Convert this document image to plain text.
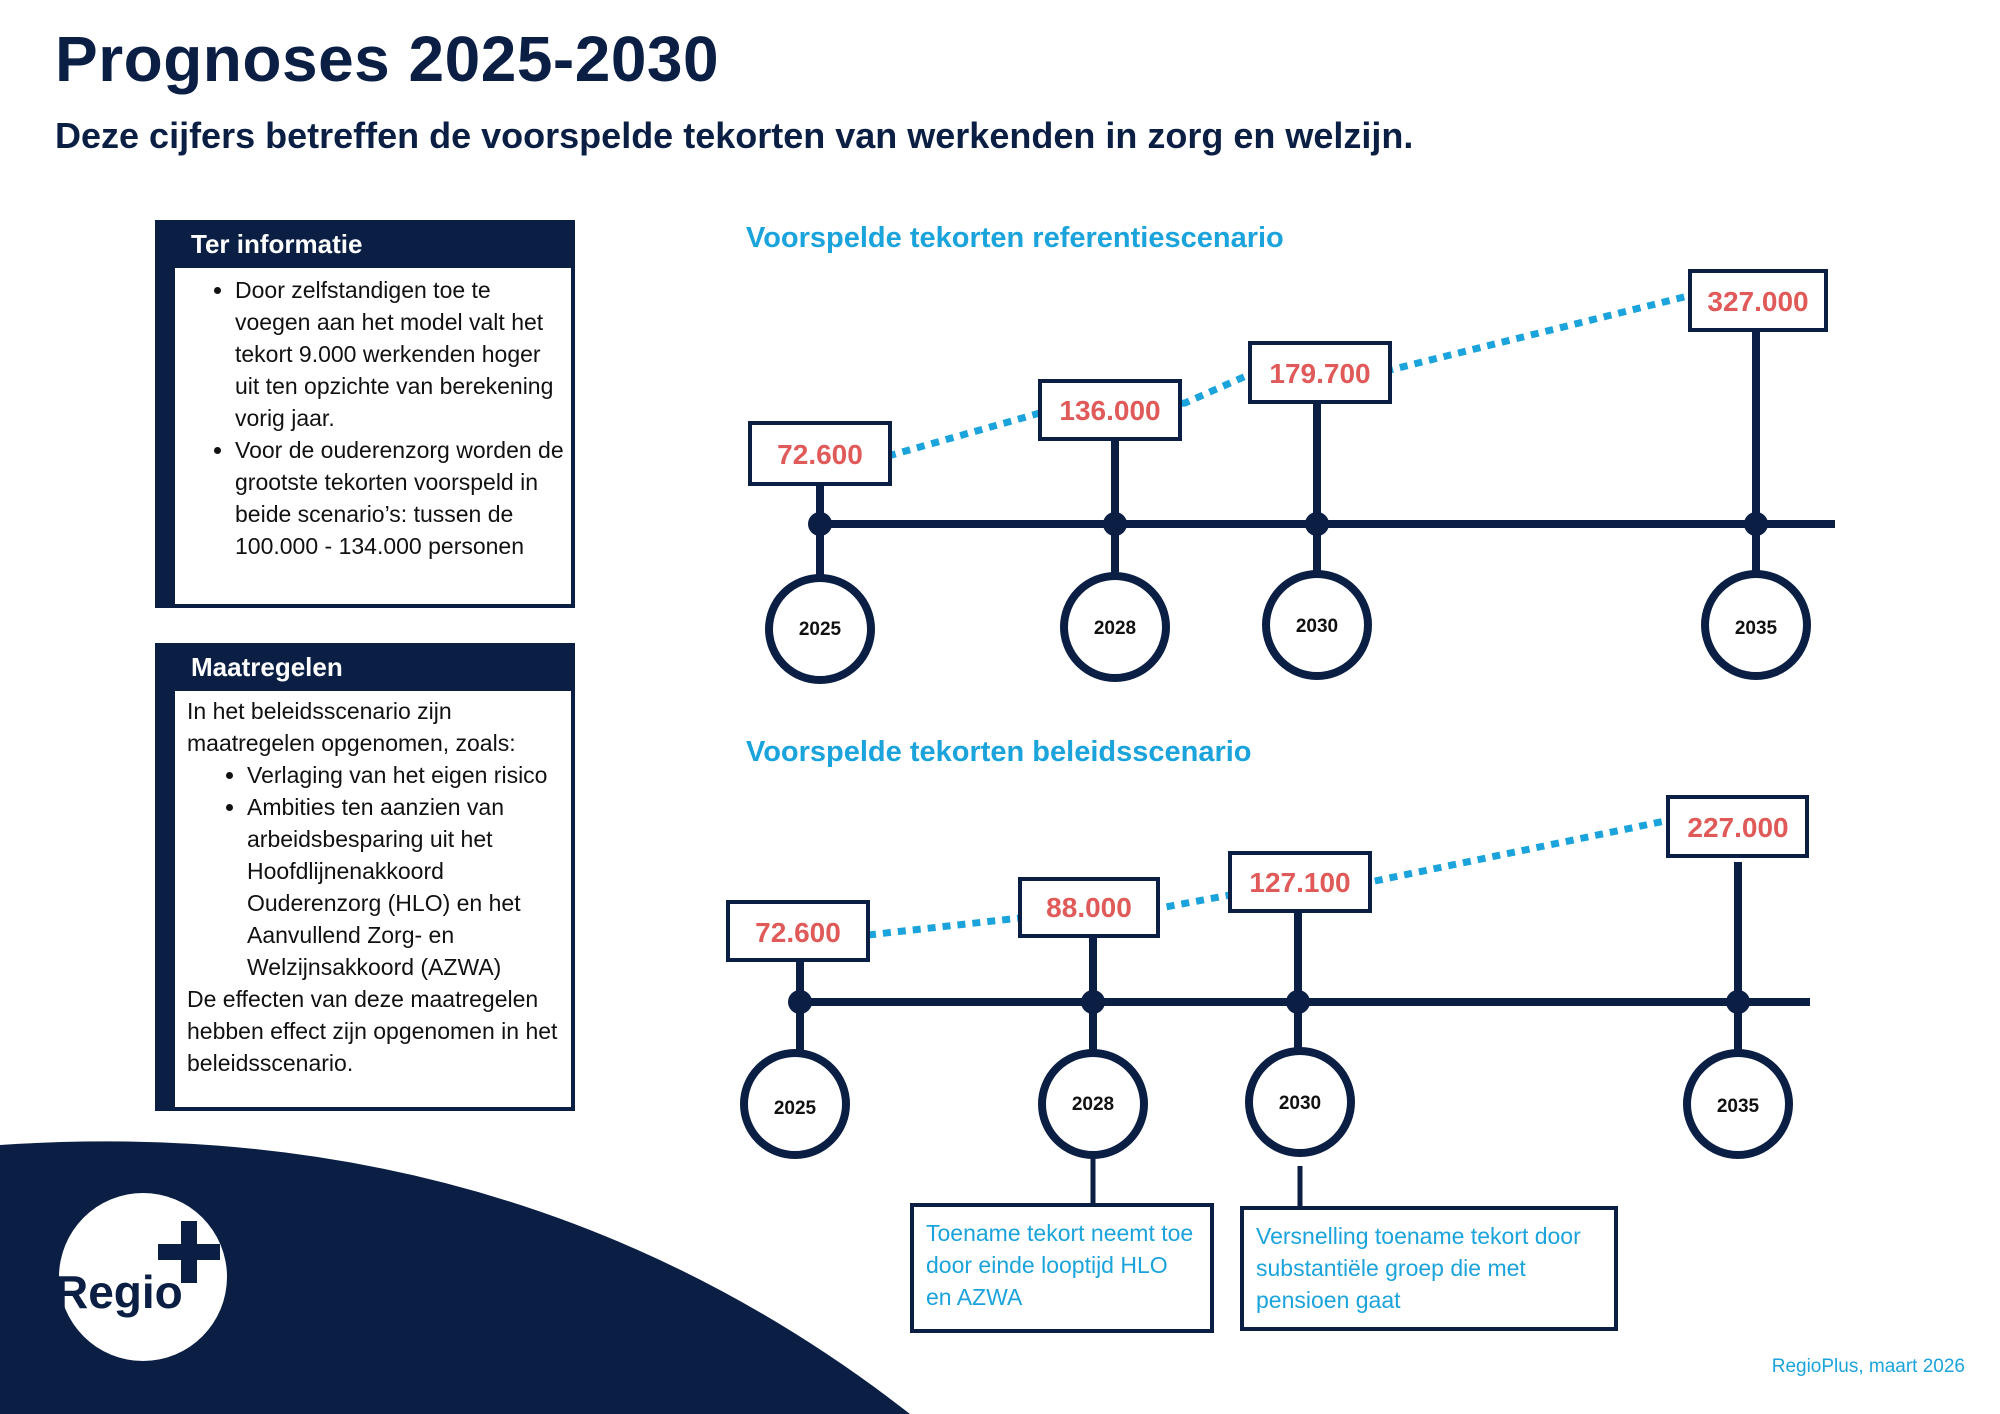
Regio
Prognoses 2025-2030
Deze cijfers betreffen de voorspelde tekorten van werkenden in zorg en welzijn.
Ter informatie
• Door zelfstandigen toe te voegen aan het model valt het tekort 9.000 werkenden hoger uit ten opzichte van berekening vorig jaar.
• Voor de ouderenzorg worden de grootste tekorten voorspeld in beide scenario’s: tussen de 100.000 - 134.000 personen
Maatregelen

In het beleidsscenario zijn maatregelen opgenomen, zoals:

• Verlaging van het eigen risico
• Ambities ten aanzien van arbeidsbesparing uit het Hoofdlijnenakkoord Ouderenzorg (HLO) en het Aanvullend Zorg- en Welzijnsakkoord (AZWA)

De effecten van deze maatregelen hebben effect zijn opgenomen in het beleidsscenario.

Voorspelde tekorten referentiescenario
Voorspelde tekorten beleidsscenario
2025
72.600
2028
136.000
2030
179.700
2035
327.000
2025
72.600
2028
88.000
2030
127.100
2035
227.000
Toename tekort neemt toe door einde looptijd HLO en AZWA
Versnelling toename tekort door substantiële groep die met pensioen gaat
RegioPlus, maart 2026
